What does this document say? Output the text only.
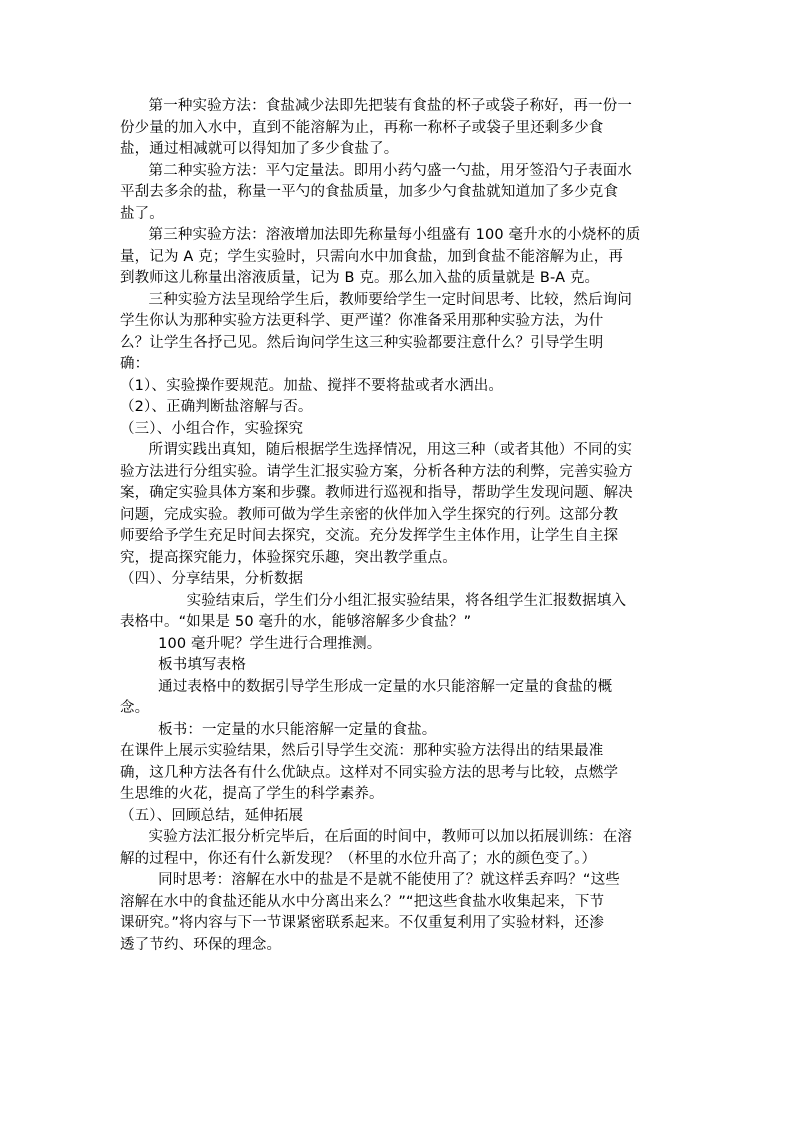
第一种实验方法：食盐减少法即先把装有食盐的杯子或袋子称好，再一份一
份少量的加入水中，直到不能溶解为止，再称一称杯子或袋子里还剩多少食
盐，通过相减就可以得知加了多少食盐了。
第二种实验方法：平勺定量法。即用小药勺盛一勺盐，用牙签沿勺子表面水
平刮去多余的盐，称量一平勺的食盐质量，加多少勺食盐就知道加了多少克食
盐了。
第三种实验方法：溶液增加法即先称量每小组盛有 100 毫升水的小烧杯的质
量，记为 A 克；学生实验时，只需向水中加食盐，加到食盐不能溶解为止，再
到教师这儿称量出溶液质量，记为 B 克。那么加入盐的质量就是 B-A 克。
三种实验方法呈现给学生后，教师要给学生一定时间思考、比较，然后询问
学生你认为那种实验方法更科学、更严谨？你准备采用那种实验方法，为什
么？让学生各抒己见。然后询问学生这三种实验都要注意什么？引导学生明
确：
（1）、实验操作要规范。加盐、搅拌不要将盐或者水洒出。
（2）、正确判断盐溶解与否。
（三）、小组合作，实验探究
所谓实践出真知，随后根据学生选择情况，用这三种（或者其他）不同的实
验方法进行分组实验。请学生汇报实验方案，分析各种方法的利弊，完善实验方
案，确定实验具体方案和步骤。教师进行巡视和指导，帮助学生发现问题、解决
问题，完成实验。教师可做为学生亲密的伙伴加入学生探究的行列。这部分教
师要给予学生充足时间去探究，交流。充分发挥学生主体作用，让学生自主探
究，提高探究能力，体验探究乐趣，突出教学重点。
（四）、分享结果，分析数据
实验结束后，学生们分小组汇报实验结果，将各组学生汇报数据填入
表格中。“如果是 50 毫升的水，能够溶解多少食盐？”
100 毫升呢？学生进行合理推测。
板书填写表格
通过表格中的数据引导学生形成一定量的水只能溶解一定量的食盐的概
念。
板书：一定量的水只能溶解一定量的食盐。
在课件上展示实验结果，然后引导学生交流：那种实验方法得出的结果最准
确，这几种方法各有什么优缺点。这样对不同实验方法的思考与比较，点燃学
生思维的火花，提高了学生的科学素养。
（五）、回顾总结，延伸拓展
实验方法汇报分析完毕后，在后面的时间中，教师可以加以拓展训练：在溶
解的过程中，你还有什么新发现？（杯里的水位升高了；水的颜色变了。）
同时思考：溶解在水中的盐是不是就不能使用了？就这样丢弃吗？“这些
溶解在水中的食盐还能从水中分离出来么？”“把这些食盐水收集起来，下节
课研究。”将内容与下一节课紧密联系起来。不仅重复利用了实验材料，还渗
透了节约、环保的理念。
